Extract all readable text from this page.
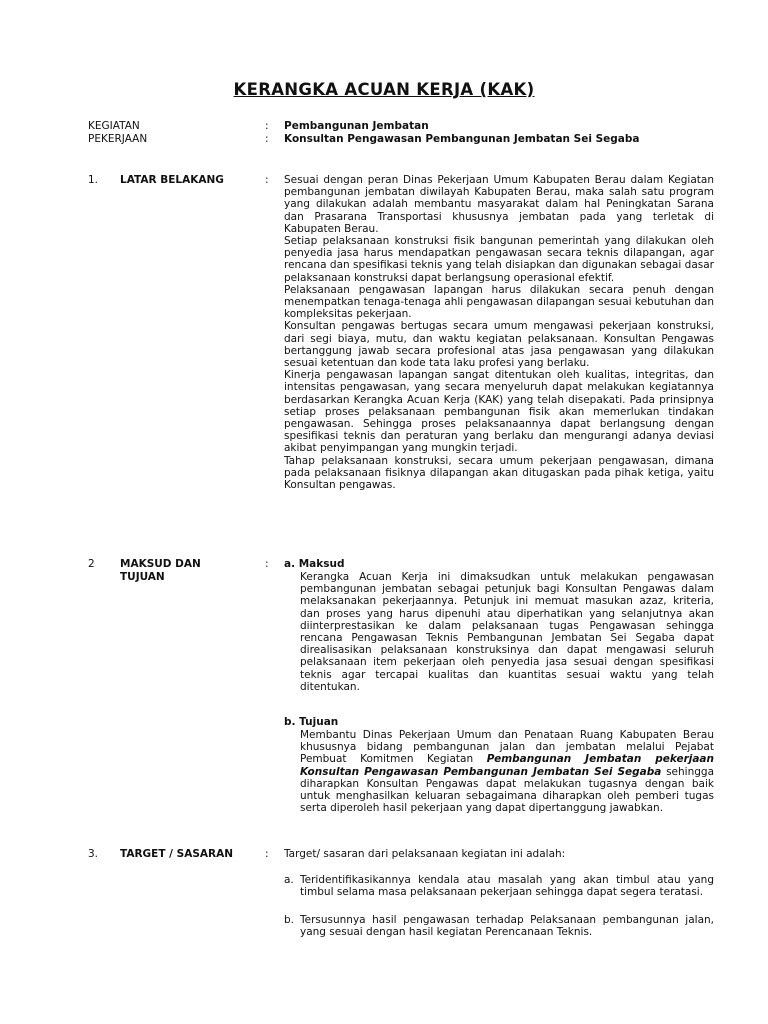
KERANGKA ACUAN KERJA (KAK)
KEGIATAN	: Pembangunan Jembatan
PEKERJAAN	: Konsultan Pengawasan Pembangunan Jembatan Sei Segaba
1. LATAR BELAKANG	: Sesuai dengan peran Dinas Pekerjaan Umum Kabupaten Berau dalam Kegiatan pembangunan jembatan diwilayah Kabupaten Berau, maka salah satu program yang dilakukan adalah membantu masyarakat dalam hal Peningkatan Sarana dan Prasarana Transportasi khususnya jembatan pada yang terletak di Kabupaten Berau.

Setiap pelaksanaan konstruksi fisik bangunan pemerintah yang dilakukan oleh penyedia jasa harus mendapatkan pengawasan secara teknis dilapangan, agar rencana dan spesifikasi teknis yang telah disiapkan dan digunakan sebagai dasar pelaksanaan konstruksi dapat berlangsung operasional efektif.

Pelaksanaan pengawasan lapangan harus dilakukan secara penuh dengan menempatkan tenaga-tenaga ahli pengawasan dilapangan sesuai kebutuhan dan kompleksitas pekerjaan.

Konsultan pengawas bertugas secara umum mengawasi pekerjaan konstruksi, dari segi biaya, mutu, dan waktu kegiatan pelaksanaan. Konsultan Pengawas bertanggung jawab secara profesional atas jasa pengawasan yang dilakukan sesuai ketentuan dan kode tata laku profesi yang berlaku.

Kinerja pengawasan lapangan sangat ditentukan oleh kualitas, integritas, dan intensitas pengawasan, yang secara menyeluruh dapat melakukan kegiatannya berdasarkan Kerangka Acuan Kerja (KAK) yang telah disepakati. Pada prinsipnya setiap proses pelaksanaan pembangunan fisik akan memerlukan tindakan pengawasan. Sehingga proses pelaksanaannya dapat berlangsung dengan spesifikasi teknis dan peraturan yang berlaku dan mengurangi adanya deviasi akibat penyimpangan yang mungkin terjadi.

Tahap pelaksanaan konstruksi, secara umum pekerjaan pengawasan, dimana pada pelaksanaan fisiknya dilapangan akan ditugaskan pada pihak ketiga, yaitu Konsultan pengawas.

2 MAKSUD DAN
TUJUAN
: a. Maksud
Kerangka Acuan Kerja ini dimaksudkan untuk melakukan pengawasan pembangunan jembatan sebagai petunjuk bagi Konsultan Pengawas dalam melaksanakan pekerjaannya. Petunjuk ini memuat masukan azaz, kriteria, dan proses yang harus dipenuhi atau diperhatikan yang selanjutnya akan diinterprestasikan ke dalam pelaksanaan tugas Pengawasan sehingga rencana Pengawasan Teknis Pembangunan Jembatan Sei Segaba dapat direalisasikan pelaksanaan konstruksinya dan dapat mengawasi seluruh pelaksanaan item pekerjaan oleh penyedia jasa sesuai dengan spesifikasi teknis agar tercapai kualitas dan kuantitas sesuai waktu yang telah ditentukan.
b. Tujuan
Membantu Dinas Pekerjaan Umum dan Penataan Ruang Kabupaten Berau khususnya bidang pembangunan jalan dan jembatan melalui Pejabat Pembuat Komitmen Kegiatan Pembangunan Jembatan pekerjaan Konsultan Pengawasan Pembangunan Jembatan Sei Segaba sehingga diharapkan Konsultan Pengawas dapat melakukan tugasnya dengan baik untuk menghasilkan keluaran sebagaimana diharapkan oleh pemberi tugas serta diperoleh hasil pekerjaan yang dapat dipertanggung jawabkan.
3. TARGET / SASARAN	: Target/ sasaran dari pelaksanaan kegiatan ini adalah:
a. Teridentifikasikannya kendala atau masalah yang akan timbul atau yang timbul selama masa pelaksanaan pekerjaan sehingga dapat segera teratasi.
b. Tersusunnya hasil pengawasan terhadap Pelaksanaan pembangunan jalan, yang sesuai dengan hasil kegiatan Perencanaan Teknis.
